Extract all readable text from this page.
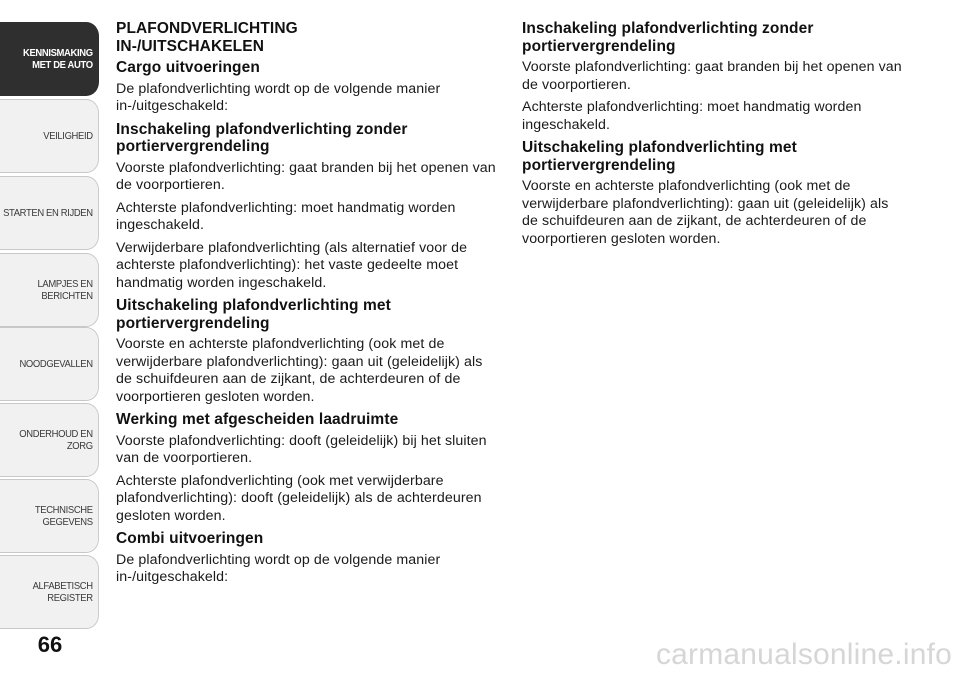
KENNISMAKING
MET DE AUTO
VEILIGHEID
STARTEN EN RIJDEN
LAMPJES EN
BERICHTEN
NOODGEVALLEN
ONDERHOUD EN
ZORG
TECHNISCHE
GEGEVENS
ALFABETISCH
REGISTER
66
PLAFONDVERLICHTING
IN-/UITSCHAKELEN
Cargo uitvoeringen

De plafondverlichting wordt op de volgende manier in-/uitgeschakeld:

Inschakeling plafondverlichting zonder portiervergrendeling

Voorste plafondverlichting: gaat branden bij het openen van de voorportieren.

Achterste plafondverlichting: moet handmatig worden ingeschakeld.

Verwijderbare plafondverlichting (als alternatief voor de achterste plafondverlichting): het vaste gedeelte moet handmatig worden ingeschakeld.

Uitschakeling plafondverlichting met portiervergrendeling

Voorste en achterste plafondverlichting (ook met de verwijderbare plafondverlichting): gaan uit (geleidelijk) als de schuifdeuren aan de zijkant, de achterdeuren of de voorportieren gesloten worden.

Werking met afgescheiden laadruimte

Voorste plafondverlichting: dooft (geleidelijk) bij het sluiten van de voorportieren.

Achterste plafondverlichting (ook met verwijderbare plafondverlichting): dooft (geleidelijk) als de achterdeuren gesloten worden.

Combi uitvoeringen

De plafondverlichting wordt op de volgende manier in-/uitgeschakeld:

Inschakeling plafondverlichting zonder portiervergrendeling

Voorste plafondverlichting: gaat branden bij het openen van de voorportieren.

Achterste plafondverlichting: moet handmatig worden ingeschakeld.

Uitschakeling plafondverlichting met portiervergrendeling

Voorste en achterste plafondverlichting (ook met de verwijderbare plafondverlichting): gaan uit (geleidelijk) als de schuifdeuren aan de zijkant, de achterdeuren of de voorportieren gesloten worden.

carmanualsonline.info
